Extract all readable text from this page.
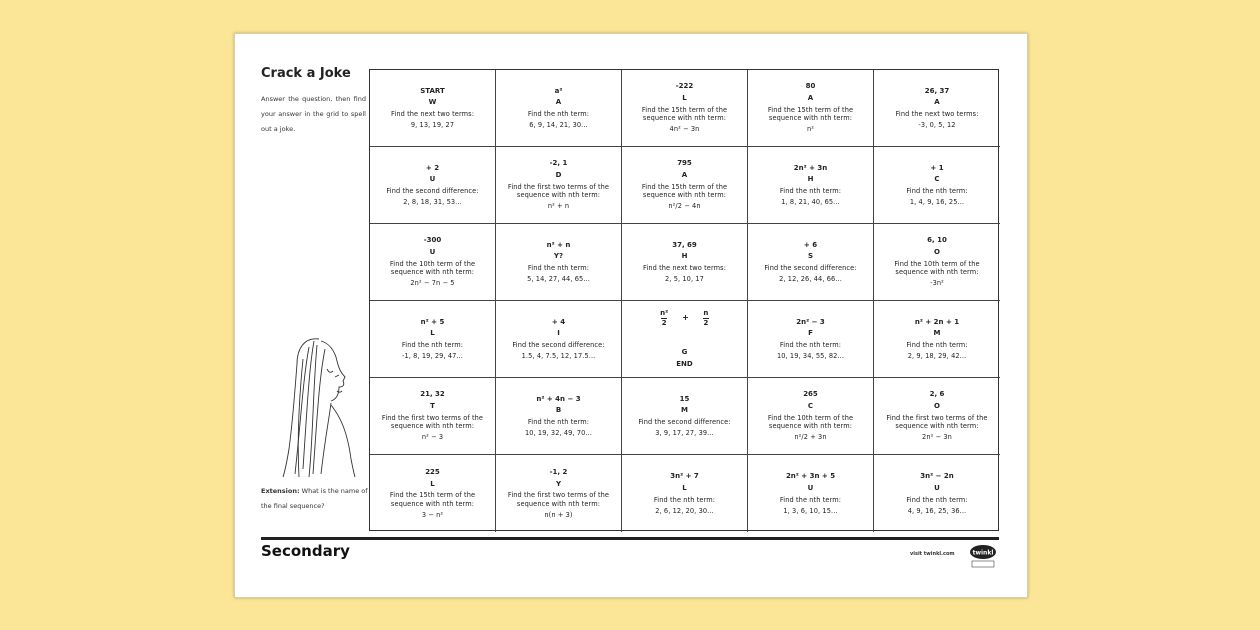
Crack a Joke
Answer the question, then find your answer in the grid to spell out a joke.
Extension: What is the name of the final sequence?
START
W
Find the next two terms:
9, 13, 19, 27
a²
A
Find the nth term:
6, 9, 14, 21, 30...
-222
L
Find the 15th term of the sequence with nth term:
4n² − 3n
80
A
Find the 15th term of the sequence with nth term:
n²
26, 37
A
Find the next two terms:
-3, 0, 5, 12
+ 2
U
Find the second difference:
2, 8, 18, 31, 53...
-2, 1
D
Find the first two terms of the sequence with nth term:
n² + n
795
A
Find the 15th term of the sequence with nth term:
n²/2 − 4n
2n² + 3n
H
Find the nth term:
1, 8, 21, 40, 65...
+ 1
C
Find the nth term:
1, 4, 9, 16, 25...
-300
U
Find the 10th term of the sequence with nth term:
2n² − 7n − 5
n² + n
Y?
Find the nth term:
5, 14, 27, 44, 65...
37, 69
H
Find the next two terms:
2, 5, 10, 17
+ 6
S
Find the second difference:
2, 12, 26, 44, 66...
6, 10
O
Find the 10th term of the sequence with nth term:
-3n²
n² + 5
L
Find the nth term:
-1, 8, 19, 29, 47...
+ 4
I
Find the second difference:
1.5, 4, 7.5, 12, 17.5...
$\frac{\text{n²}}{2} + \frac{n}{2}$
G
END
2n² − 3
F
Find the nth term:
10, 19, 34, 55, 82...
n² + 2n + 1
M
Find the nth term:
2, 9, 18, 29, 42...
21, 32
T
Find the first two terms of the sequence with nth term:
n² − 3
n² + 4n − 3
B
Find the nth term:
10, 19, 32, 49, 70...
15
M
Find the second difference:
3, 9, 17, 27, 39...
265
C
Find the 10th term of the sequence with nth term:
n²/2 + 3n
2, 6
O
Find the first two terms of the sequence with nth term:
2n² − 3n
225
L
Find the 15th term of the sequence with nth term:
3 − n²
-1, 2
Y
Find the first two terms of the sequence with nth term:
n(n + 3)
3n² + 7
L
Find the nth term:
2, 6, 12, 20, 30...
2n² + 3n + 5
U
Find the nth term:
1, 3, 6, 10, 15...
3n² − 2n
U
Find the nth term:
4, 9, 16, 25, 36...
Secondary	visit twinkl.com	twinkl
